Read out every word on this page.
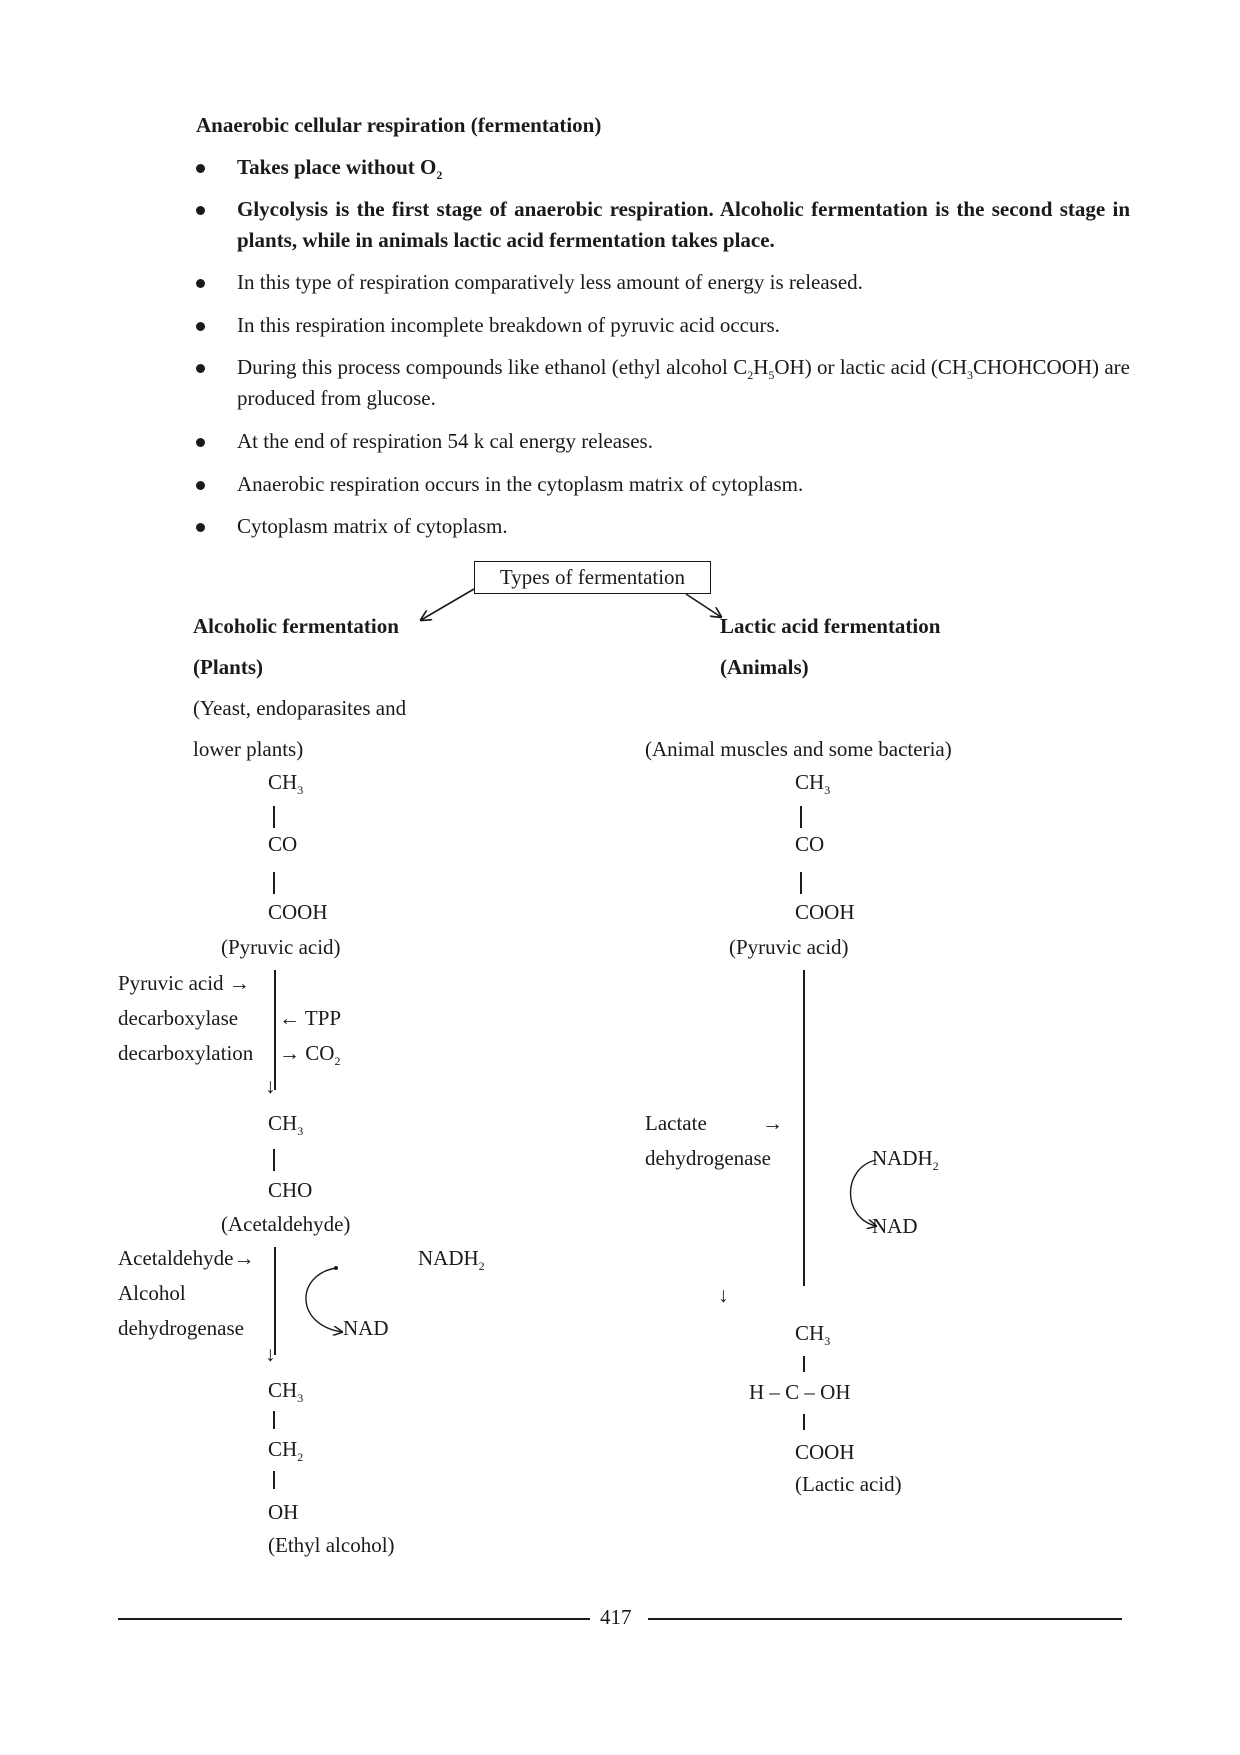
Anaerobic cellular respiration (fermentation)
Takes place without $O_2$
Glycolysis is the first stage of anaerobic respiration. Alcoholic fermentation is the second stage in plants, while in animals lactic acid fermentation takes place.
In this type of respiration comparatively less amount of energy is released.
In this respiration incomplete breakdown of pyruvic acid occurs.
During this process compounds like ethanol (ethyl alcohol $C_2H_5OH$) or lactic acid $(CH_3CHOHCOOH)$ are produced from glucose.
At the end of respiration 54 k cal energy releases.
Anaerobic respiration occurs in the cytoplasm matrix of cytoplasm.
Cytoplasm matrix of cytoplasm.
Types of fermentation
Alcoholic fermentation
(Plants)
(Yeast, endoparasites and
lower plants)
$CH_3$
CO
COOH
(Pyruvic acid)
Pyruvic acid →
decarboxylase
decarboxylation
← TPP
→ $CO_2$
↓
$CH_3$
CHO
(Acetaldehyde)
Acetaldehyde→
Alcohol
dehydrogenase
$NADH_2$
NAD
↓
$CH_3$
$CH_2$
OH
(Ethyl alcohol)
Lactic acid fermentation
(Animals)
(Animal muscles and some bacteria)
$CH_3$
CO
COOH
(Pyruvic acid)
Lactate	→
dehydrogenase	$NADH_2$
NAD
↓
$CH_3$
H – C – OH
COOH
(Lactic acid)
417
